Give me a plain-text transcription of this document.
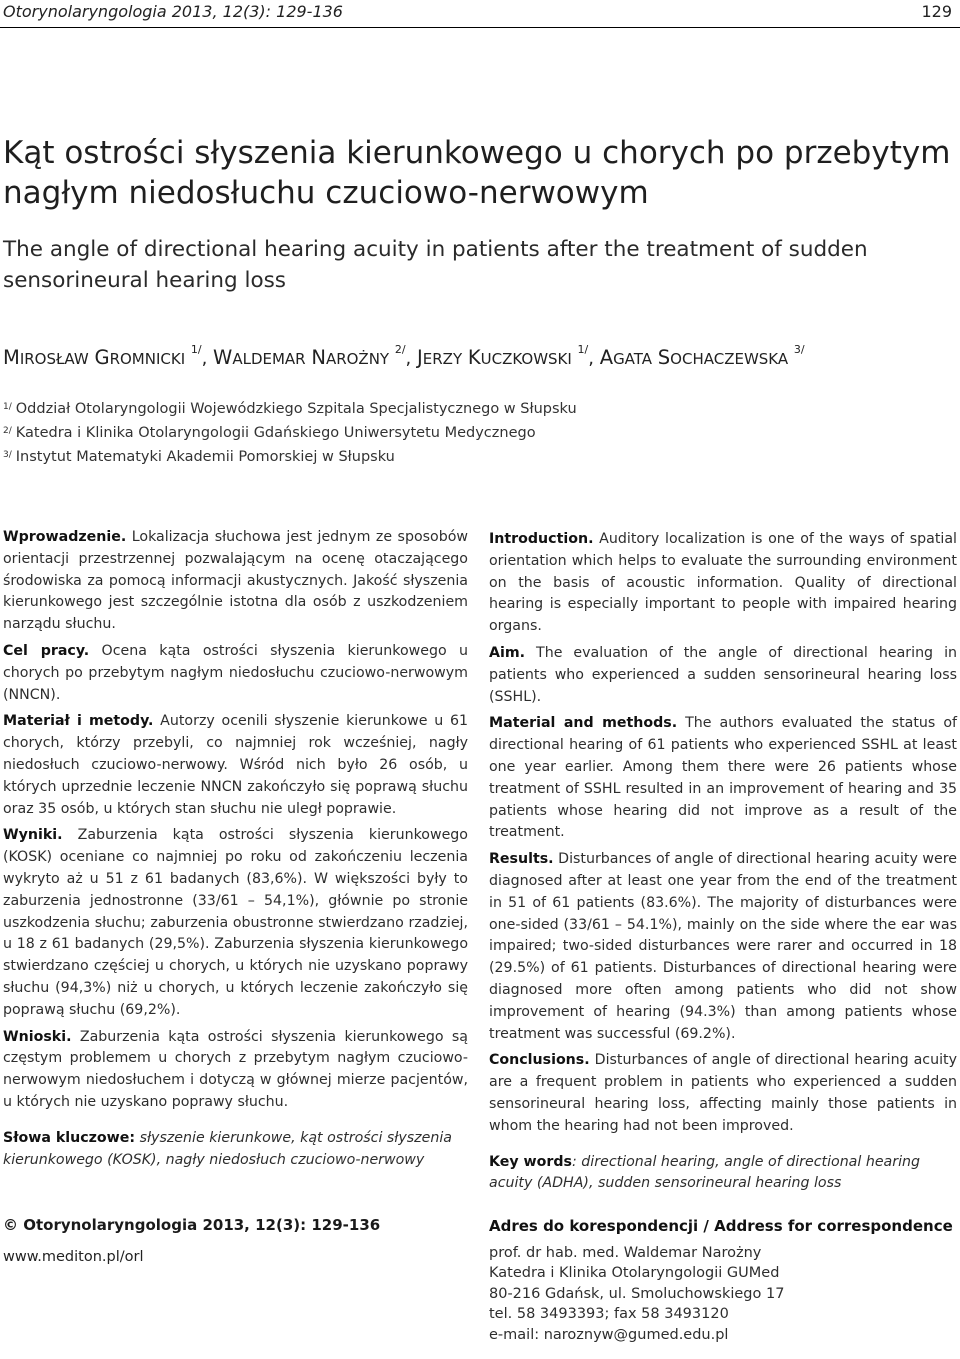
Otorynolaryngologia 2013, 12(3): 129-136	129
Kąt ostrości słyszenia kierunkowego u chorych po przebytym nagłym niedosłuchu czuciowo-nerwowym
The angle of directional hearing acuity in patients after the treatment of sudden sensorineural hearing loss
MIROSŁAW GROMNICKI $^{1/}$, WALDEMAR NAROŻNY $^{2/}$, JERZY KUCZKOWSKI $^{1/}$, AGATA SOCHACZEWSKA $^{3/}$
$^{1/}$ Oddział Otolaryngologii Wojewódzkiego Szpitala Specjalistycznego w Słupsku
$^{2/}$ Katedra i Klinika Otolaryngologii Gdańskiego Uniwersytetu Medycznego
$^{3/}$ Instytut Matematyki Akademii Pomorskiej w Słupsku

Wprowadzenie. Lokalizacja słuchowa jest jednym ze sposobów orientacji przestrzennej pozwalającym na ocenę otaczającego środowiska za pomocą informacji akustycznych. Jakość słyszenia kierunkowego jest szczególnie istotna dla osób z uszkodzeniem narządu słuchu.

Cel pracy. Ocena kąta ostrości słyszenia kierunkowego u chorych po przebytym nagłym niedosłuchu czuciowo-nerwowym (NNCN).

Materiał i metody. Autorzy ocenili słyszenie kierunkowe u 61 chorych, którzy przebyli, co najmniej rok wcześniej, nagły niedosłuch czuciowo-nerwowy. Wśród nich było 26 osób, u których uprzednie leczenie NNCN zakończyło się poprawą słuchu oraz 35 osób, u których stan słuchu nie uległ poprawie.

Wyniki. Zaburzenia kąta ostrości słyszenia kierunkowego (KOSK) oceniane co najmniej po roku od zakończeniu leczenia wykryto aż u 51 z 61 badanych (83,6%). W większości były to zaburzenia jednostronne (33/61 – 54,1%), głównie po stronie uszkodzenia słuchu; zaburzenia obustronne stwierdzano rzadziej, u 18 z 61 badanych (29,5%). Zaburzenia słyszenia kierunkowego stwierdzano częściej u chorych, u których nie uzyskano poprawy słuchu (94,3%) niż u chorych, u których leczenie zakończyło się poprawą słuchu (69,2%).

Wnioski. Zaburzenia kąta ostrości słyszenia kierunkowego są częstym problemem u chorych z przebytym nagłym czuciowo-nerwowym niedosłuchem i dotyczą w głównej mierze pacjentów, u których nie uzyskano poprawy słuchu.

Słowa kluczowe: słyszenie kierunkowe, kąt ostrości słyszenia kierunkowego (KOSK), nagły niedosłuch czuciowo-nerwowy

Introduction. Auditory localization is one of the ways of spatial orientation which helps to evaluate the surrounding environment on the basis of acoustic information. Quality of directional hearing is especially important to people with impaired hearing organs.

Aim. The evaluation of the angle of directional hearing in patients who experienced a sudden sensorineural hearing loss (SSHL).

Material and methods. The authors evaluated the status of directional hearing of 61 patients who experienced SSHL at least one year earlier. Among them there were 26 patients whose treatment of SSHL resulted in an improvement of hearing and 35 patients whose hearing did not improve as a result of the treatment.

Results. Disturbances of angle of directional hearing acuity were diagnosed after at least one year from the end of the treatment in 51 of 61 patients (83.6%). The majority of disturbances were one-sided (33/61 – 54.1%), mainly on the side where the ear was impaired; two-sided disturbances were rarer and occurred in 18 (29.5%) of 61 patients. Disturbances of directional hearing were diagnosed more often among patients who did not show improvement of hearing (94.3%) than among patients whose treatment was successful (69.2%).

Conclusions. Disturbances of angle of directional hearing acuity are a frequent problem in patients who experienced a sudden sensorineural hearing loss, affecting mainly those patients in whom the hearing had not been improved.

Key words: directional hearing, angle of directional hearing acuity (ADHA), sudden sensorineural hearing loss

© Otorynolaryngologia 2013, 12(3): 129-136
www.mediton.pl/orl
Adres do korespondencji / Address for correspondence
prof. dr hab. med. Waldemar Narożny
Katedra i Klinika Otolaryngologii GUMed
80-216 Gdańsk, ul. Smoluchowskiego 17
tel. 58 3493393; fax 58 3493120
e-mail: naroznyw@gumed.edu.pl
